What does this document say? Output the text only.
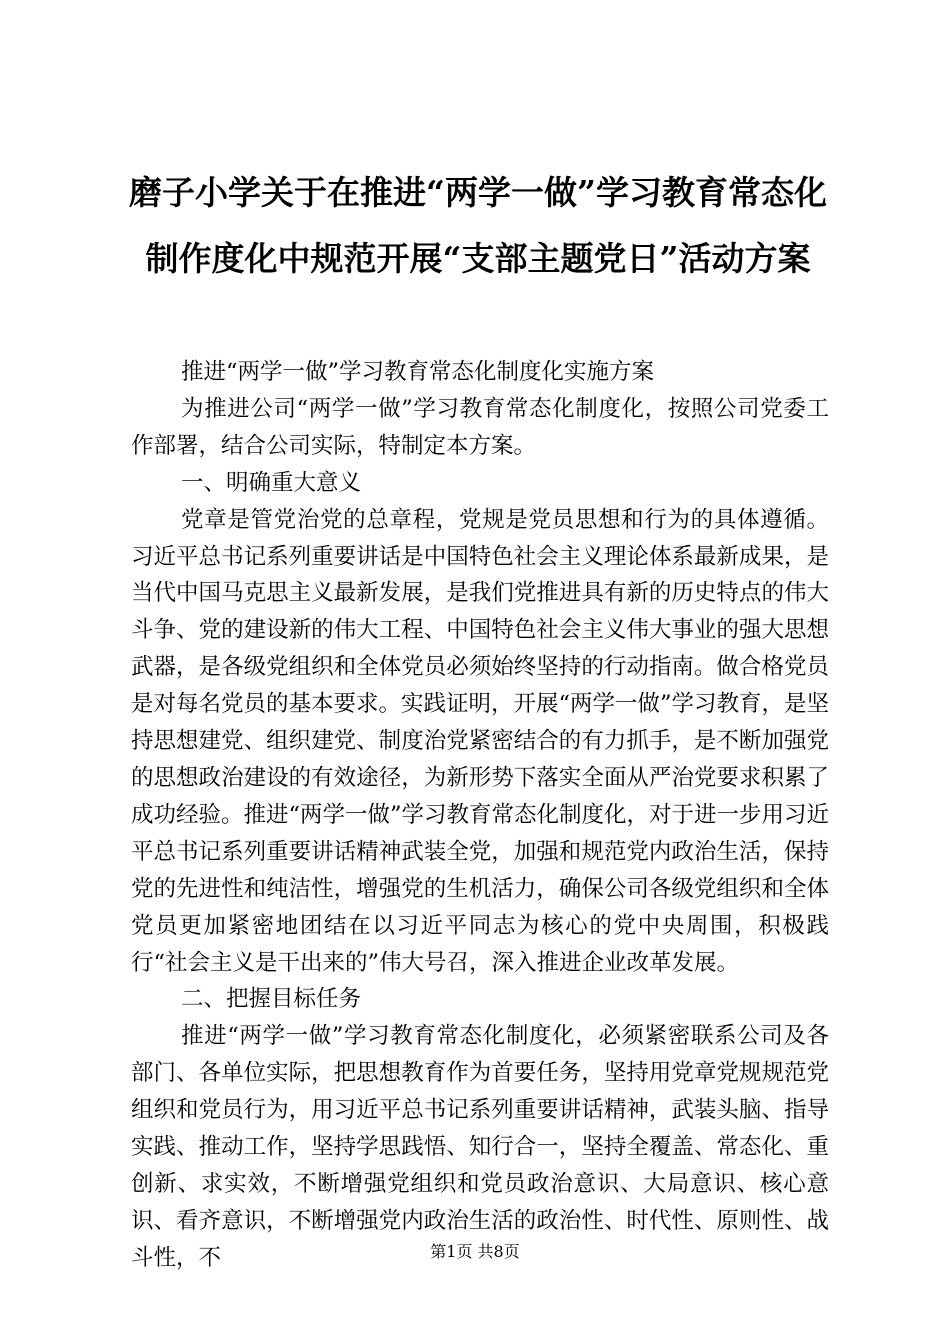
磨子小学关于在推进“两学一做”学习教育常态化制作度化中规范开展“支部主题党日”活动方案

推进“两学一做”学习教育常态化制度化实施方案

为推进公司“两学一做”学习教育常态化制度化，按照公司党委工作部署，结合公司实际，特制定本方案。

一、明确重大意义

党章是管党治党的总章程，党规是党员思想和行为的具体遵循。习近平总书记系列重要讲话是中国特色社会主义理论体系最新成果，是当代中国马克思主义最新发展，是我们党推进具有新的历史特点的伟大斗争、党的建设新的伟大工程、中国特色社会主义伟大事业的强大思想武器，是各级党组织和全体党员必须始终坚持的行动指南。做合格党员是对每名党员的基本要求。实践证明，开展“两学一做”学习教育，是坚持思想建党、组织建党、制度治党紧密结合的有力抓手，是不断加强党的思想政治建设的有效途径，为新形势下落实全面从严治党要求积累了成功经验。推进“两学一做”学习教育常态化制度化，对于进一步用习近平总书记系列重要讲话精神武装全党，加强和规范党内政治生活，保持党的先进性和纯洁性，增强党的生机活力，确保公司各级党组织和全体党员更加紧密地团结在以习近平同志为核心的党中央周围，积极践行“社会主义是干出来的”伟大号召，深入推进企业改革发展。

二、把握目标任务

推进“两学一做”学习教育常态化制度化，必须紧密联系公司及各部门、各单位实际，把思想教育作为首要任务，坚持用党章党规规范党组织和党员行为，用习近平总书记系列重要讲话精神，武装头脑、指导实践、推动工作，坚持学思践悟、知行合一，坚持全覆盖、常态化、重创新、求实效，不断增强党组织和党员政治意识、大局意识、核心意识、看齐意识，不断增强党内政治生活的政治性、时代性、原则性、战斗性，不	第1页 共8页
